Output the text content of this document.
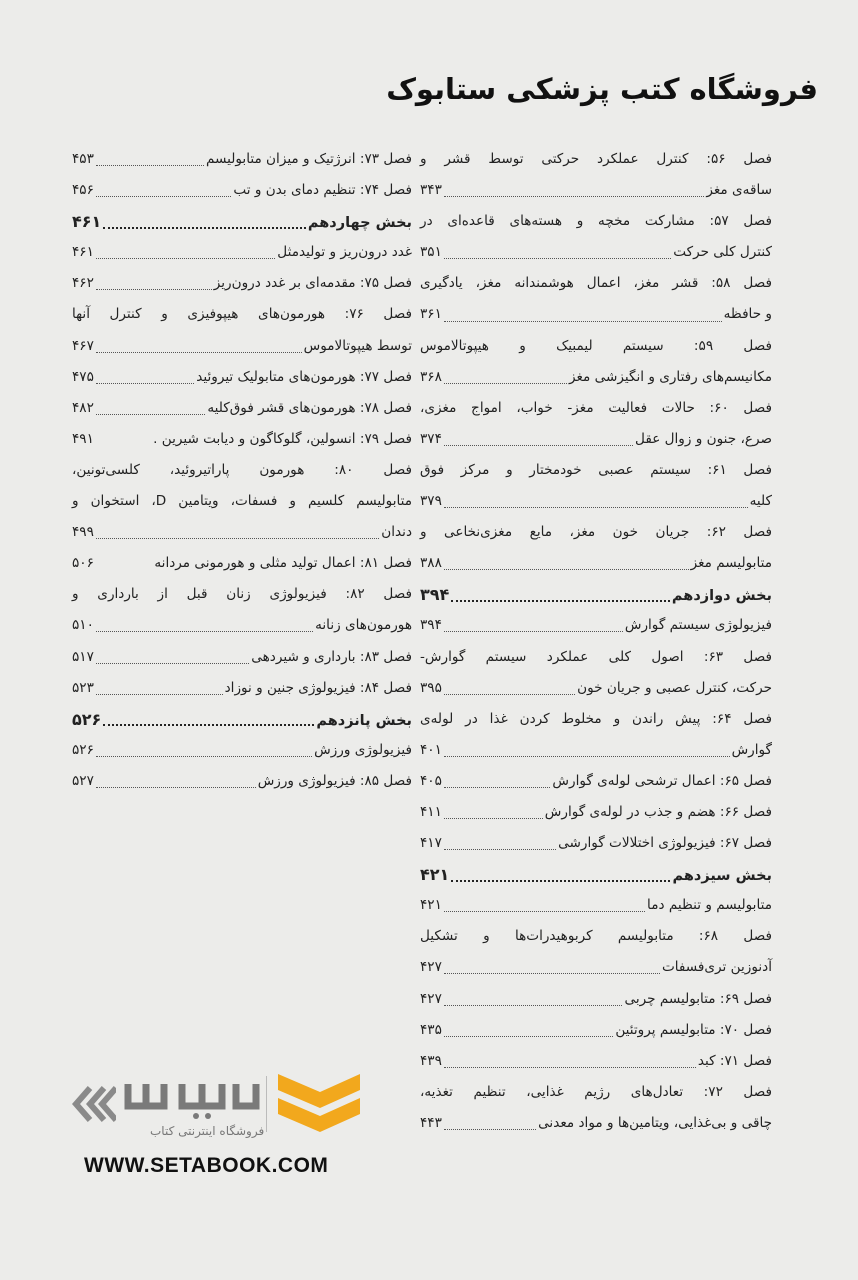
فروشگاه کتب پزشکی ستابوک
فصل ۵۶: کنترل عملکرد حرکتی توسط قشر و
ساقه‌ی مغز
۳۴۳
فصل ۵۷: مشارکت مخچه و هسته‌های قاعده‌ای در
کنترل کلی حرکت
۳۵۱
فصل ۵۸: قشر مغز، اعمال هوشمندانه مغز، یادگیری
و حافظه
۳۶۱
فصل ۵۹: سیستم لیمبیک و هیپوتالاموس
مکانیسم‌های رفتاری و انگیزشی مغز
۳۶۸
فصل ۶۰: حالات فعالیت مغز- خواب، امواج مغزی،
صرع، جنون و زوال عقل
۳۷۴
فصل ۶۱: سیستم عصبی خودمختار و مرکز فوق
کلیه
۳۷۹
فصل ۶۲: جریان خون مغز، مایع مغزی‌نخاعی و
متابولیسم مغز
۳۸۸
بخش دوازدهم
۳۹۴
فیزیولوژی سیستم گوارش
۳۹۴
فصل ۶۳: اصول کلی عملکرد سیستم گوارش-
حرکت، کنترل عصبی و جریان خون
۳۹۵
فصل ۶۴: پیش راندن و مخلوط کردن غذا در لوله‌ی
گوارش
۴۰۱
فصل ۶۵: اعمال ترشحی لوله‌ی گوارش
۴۰۵
فصل ۶۶: هضم و جذب در لوله‌ی گوارش
۴۱۱
فصل ۶۷: فیزیولوژی اختلالات گوارشی
۴۱۷
بخش سیزدهم
۴۲۱
متابولیسم و تنظیم دما
۴۲۱
فصل ۶۸: متابولیسم کربوهیدرات‌ها و تشکیل
آدنوزین تری‌فسفات
۴۲۷
فصل ۶۹: متابولیسم چربی
۴۲۷
فصل ۷۰: متابولیسم پروتئین
۴۳۵
فصل ۷۱: کبد
۴۳۹
فصل ۷۲: تعادل‌های رژیم غذایی، تنظیم تغذیه،
چاقی و بی‌غذایی، ویتامین‌ها و مواد معدنی
۴۴۳
فصل ۷۳: انرژتیک و میزان متابولیسم
۴۵۳
فصل ۷۴: تنظیم دمای بدن و تب
۴۵۶
بخش چهاردهم
۴۶۱
غدد درون‌ریز و تولیدمثل
۴۶۱
فصل ۷۵: مقدمه‌ای بر غدد درون‌ریز
۴۶۲
فصل ۷۶: هورمون‌های هیپوفیزی و کنترل آنها
توسط هیپوتالاموس
۴۶۷
فصل ۷۷: هورمون‌های متابولیک تیروئید
۴۷۵
فصل ۷۸: هورمون‌های قشر فوق‌کلیه
۴۸۲
فصل ۷۹: انسولین، گلوکاگون و دیابت شیرین .
۴۹۱
فصل ۸۰: هورمون پاراتیروئید، کلسی‌تونین،
متابولیسم کلسیم و فسفات، ویتامین D، استخوان و
دندان
۴۹۹
فصل ۸۱: اعمال تولید مثلی و هورمونی مردانه
۵۰۶
فصل ۸۲: فیزیولوژی زنان قبل از بارداری و
هورمون‌های زنانه
۵۱۰
فصل ۸۳: بارداری و شیردهی
۵۱۷
فصل ۸۴: فیزیولوژی جنین و نوزاد
۵۲۳
بخش پانزدهم
۵۲۶
فیزیولوژی ورزش
۵۲۶
فصل ۸۵: فیزیولوژی ورزش
۵۲۷
فروشگاه اینترنتی کتاب
WWW.SETABOOK.COM
